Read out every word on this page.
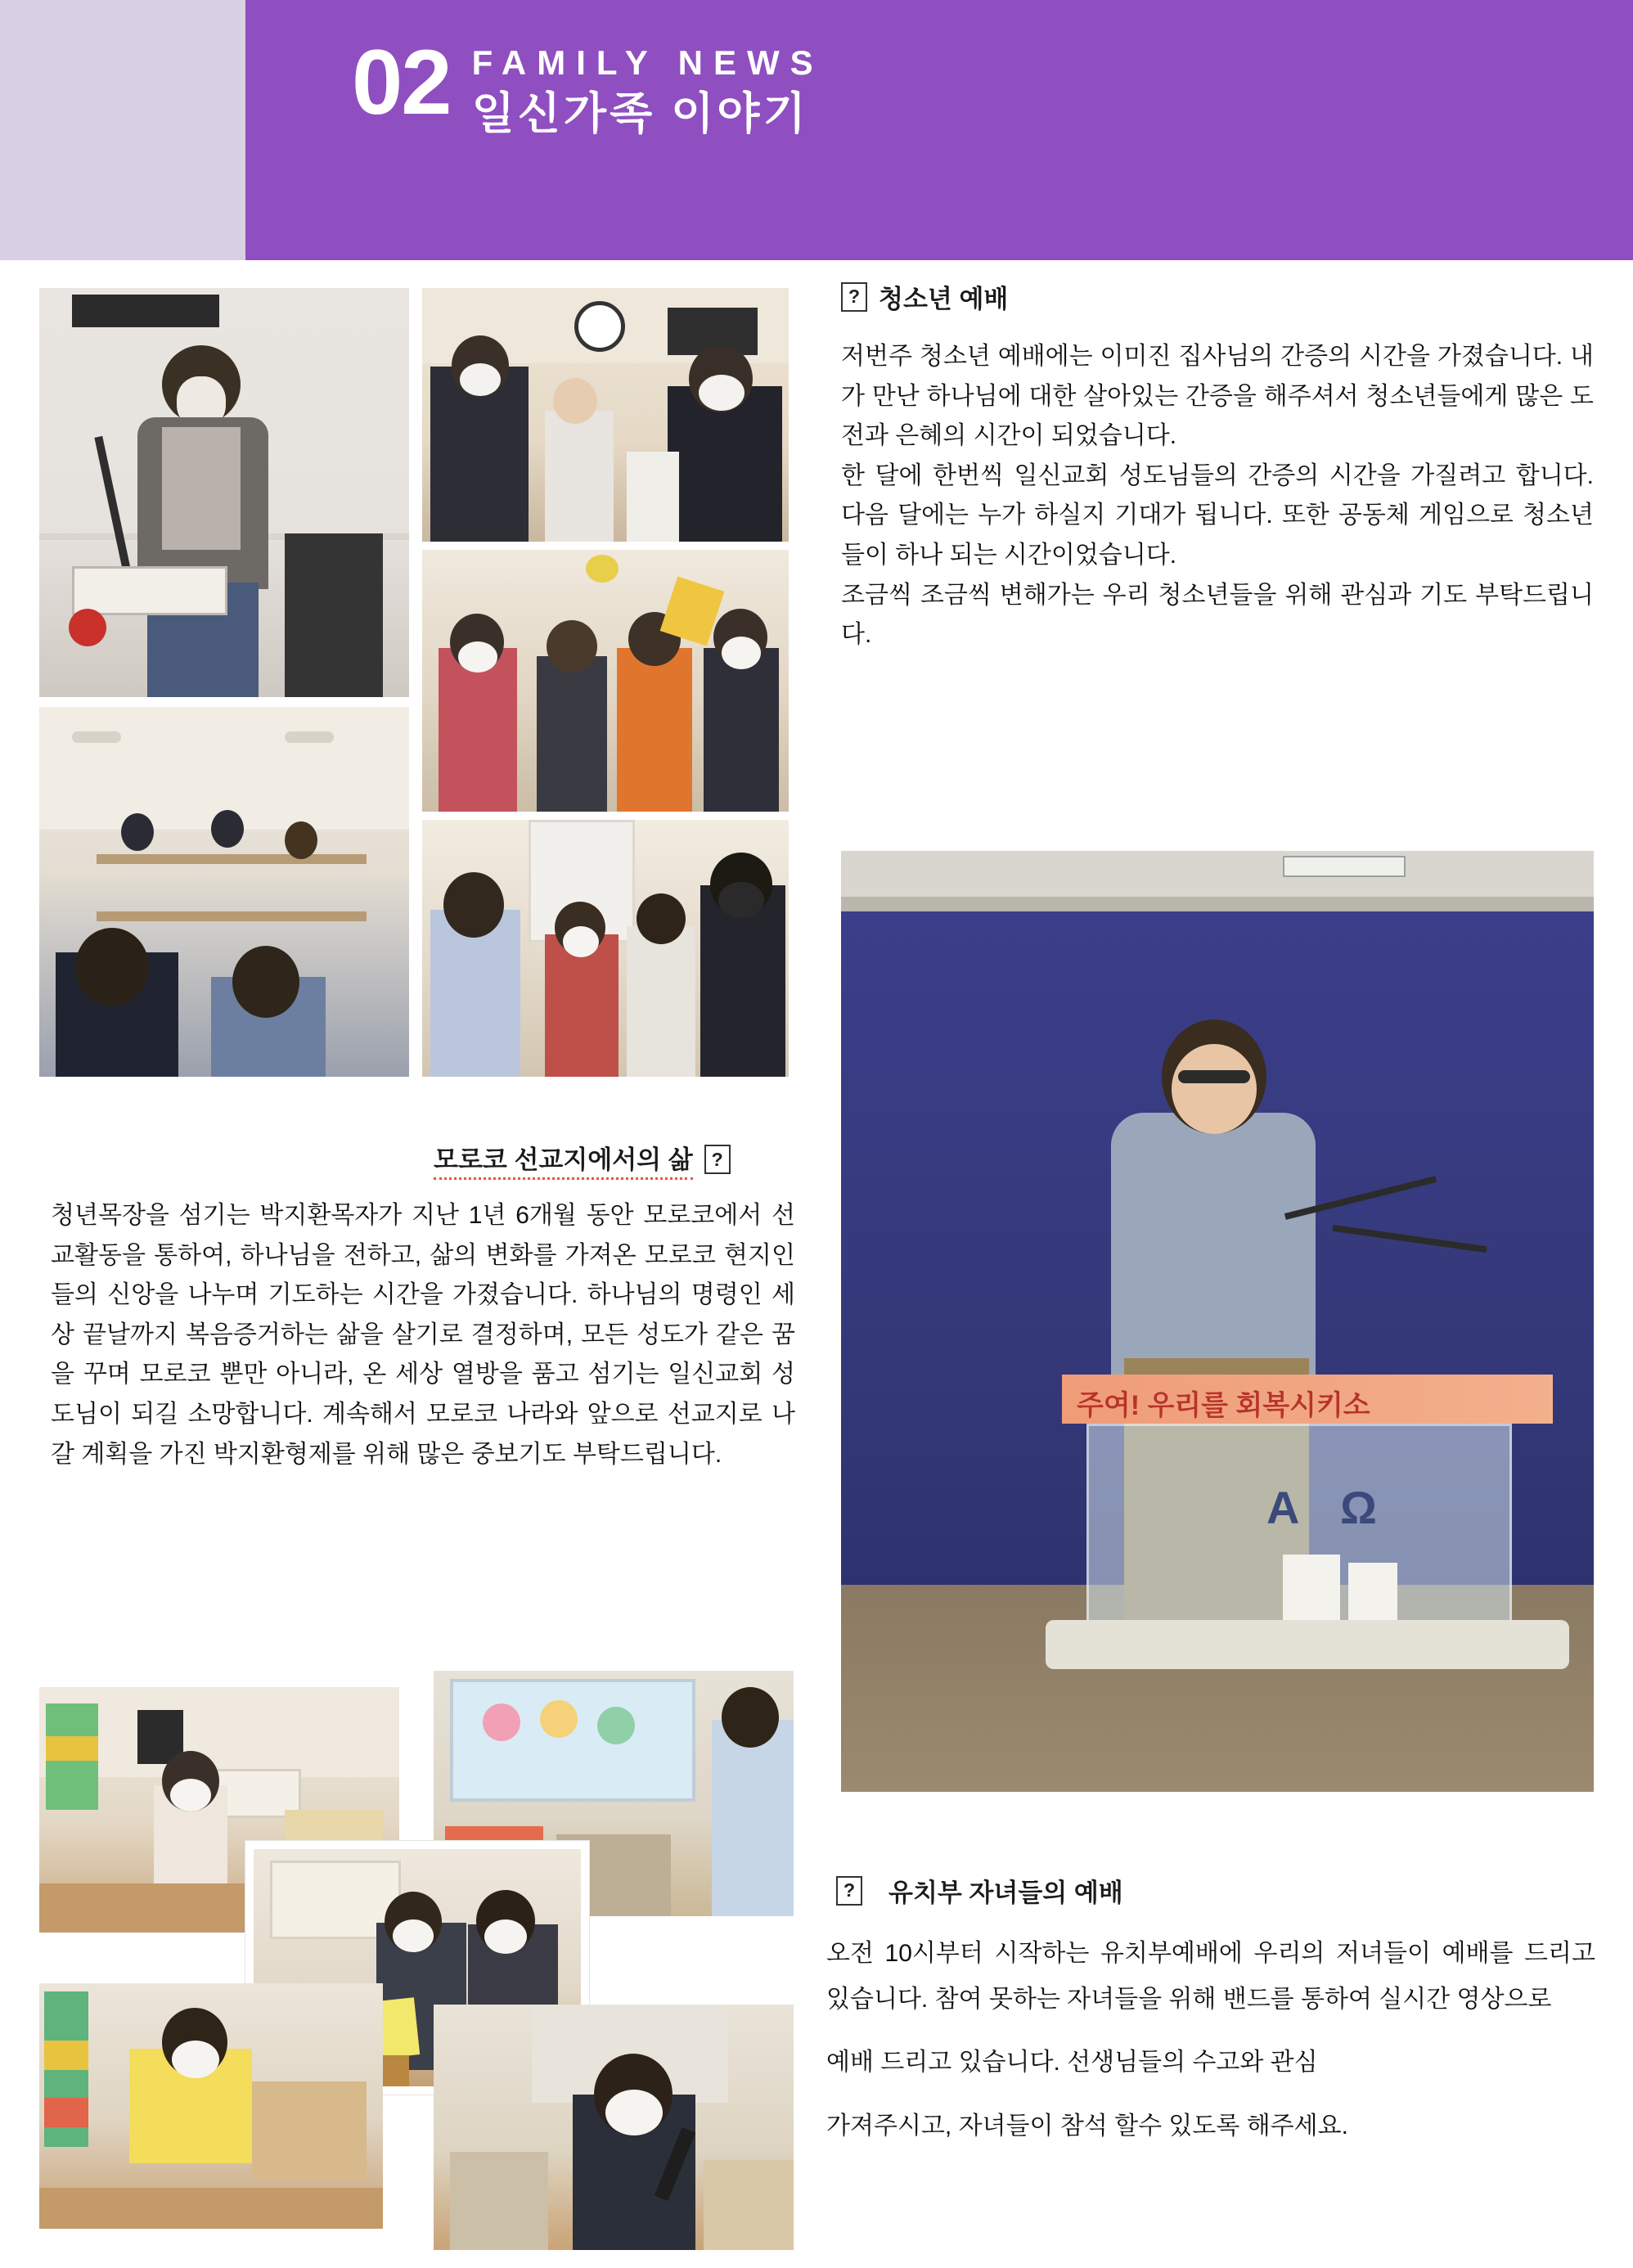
02 FAMILY NEWS
일신가족 이야기
? 청소년 예배

저번주 청소년 예배에는 이미진 집사님의 간증의 시간을 가졌습니다. 내가 만난 하나님에 대한 살아있는 간증을 해주셔서 청소년들에게 많은 도전과 은혜의 시간이 되었습니다.

한 달에 한번씩 일신교회 성도님들의 간증의 시간을 가질려고 합니다. 다음 달에는 누가 하실지 기대가 됩니다. 또한 공동체 게임으로 청소년들이 하나 되는 시간이었습니다.

조금씩 조금씩 변해가는 우리 청소년들을 위해 관심과 기도 부탁드립니다.

주여! 우리를 회복시키소
A Ω
모로코 선교지에서의 삶 ?

청년목장을 섬기는 박지환목자가 지난 1년 6개월 동안 모로코에서 선교활동을 통하여, 하나님을 전하고, 삶의 변화를 가져온 모로코 현지인들의 신앙을 나누며 기도하는 시간을 가졌습니다. 하나님의 명령인 세상 끝날까지 복음증거하는 삶을 살기로 결정하며, 모든 성도가 같은 꿈을 꾸며 모로코 뿐만 아니라, 온 세상 열방을 품고 섬기는 일신교회 성도님이 되길 소망합니다. 계속해서 모로코 나라와 앞으로 선교지로 나갈 계획을 가진 박지환형제를 위해 많은 중보기도 부탁드립니다.

? 유치부 자녀들의 예배

오전 10시부터 시작하는 유치부예배에 우리의 저녀들이 예배를 드리고 있습니다. 참여 못하는 자녀들을 위해 밴드를 통하여 실시간 영상으로

예배 드리고 있습니다. 선생님들의 수고와 관심

가져주시고, 자녀들이 참석 할수 있도록 해주세요.
